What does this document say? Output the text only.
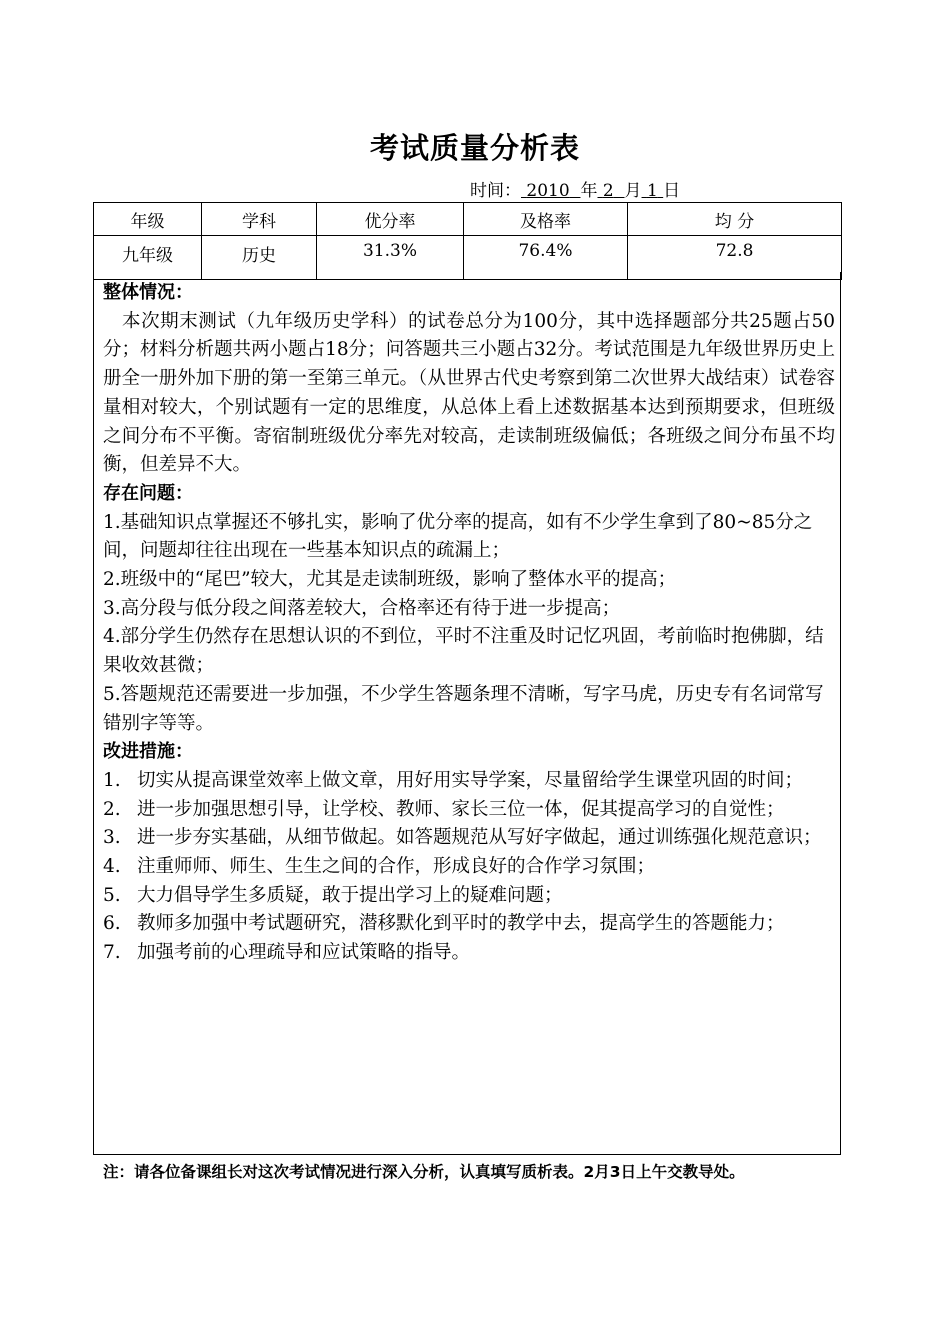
考试质量分析表
时间： 2010 年 2 月 1 日
年级	学科	优分率	及格率	均 分
九年级	历史	31.3%	76.4%	72.8

整体情况：

本次期末测试（九年级历史学科）的试卷总分为100分，其中选择题部分共25题占50分；材料分析题共两小题占18分；问答题共三小题占32分。考试范围是九年级世界历史上册全一册外加下册的第一至第三单元。（从世界古代史考察到第二次世界大战结束）试卷容量相对较大，个别试题有一定的思维度，从总体上看上述数据基本达到预期要求，但班级之间分布不平衡。寄宿制班级优分率先对较高，走读制班级偏低；各班级之间分布虽不均衡，但差异不大。

存在问题：

1.基础知识点掌握还不够扎实，影响了优分率的提高，如有不少学生拿到了80~85分之间，问题却往往出现在一些基本知识点的疏漏上；

2.班级中的“尾巴”较大，尤其是走读制班级，影响了整体水平的提高；

3.高分段与低分段之间落差较大，合格率还有待于进一步提高；

4.部分学生仍然存在思想认识的不到位，平时不注重及时记忆巩固，考前临时抱佛脚，结果收效甚微；

5.答题规范还需要进一步加强，不少学生答题条理不清晰，写字马虎，历史专有名词常写错别字等等。

改进措施：

1. 切实从提高课堂效率上做文章，用好用实导学案，尽量留给学生课堂巩固的时间；
2. 进一步加强思想引导，让学校、教师、家长三位一体，促其提高学习的自觉性；
3. 进一步夯实基础，从细节做起。如答题规范从写好字做起，通过训练强化规范意识；
4. 注重师师、师生、生生之间的合作，形成良好的合作学习氛围；
5. 大力倡导学生多质疑，敢于提出学习上的疑难问题；
6. 教师多加强中考试题研究，潜移默化到平时的教学中去，提高学生的答题能力；
7. 加强考前的心理疏导和应试策略的指导。
注：请各位备课组长对这次考试情况进行深入分析，认真填写质析表。2月3日上午交教导处。
